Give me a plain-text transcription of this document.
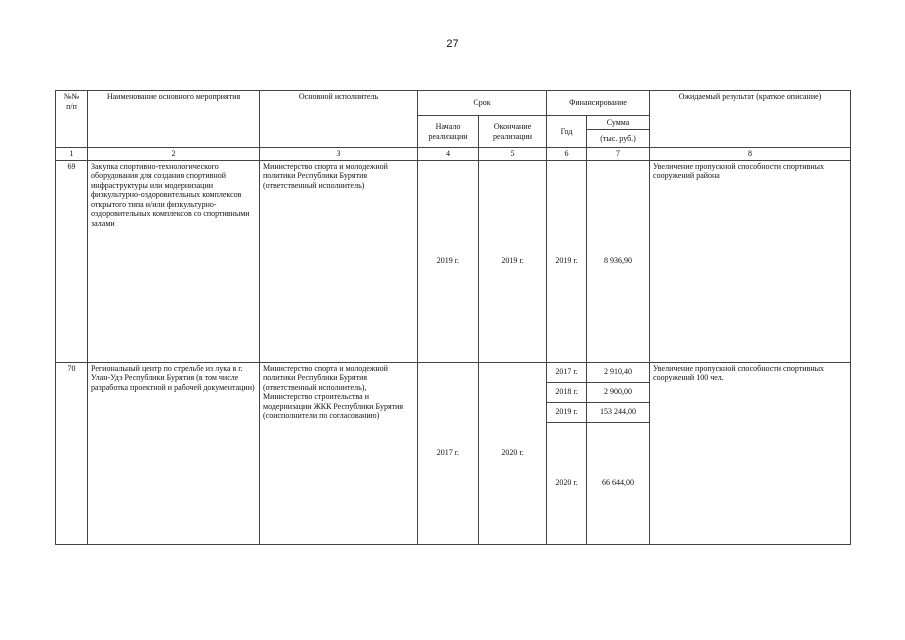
27
№№
п/п	Наименование основного мероприятия	Основной исполнитель	Срок		Финансирование		Ожидаемый результат (краткое описание)
			Начало реализации	Окончание реализации	Год	Сумма
(тыс. руб.)	

1	2	3	4	5	6	7	8
69	Закупка спортивно-технологического оборудования для создания спортивной инфраструктуры или модернизации физкультурно-оздоровительных комплексов открытого типа и/или физкультурно-оздоровительных комплексов со спортивными залами	Министерство спорта и молодежной политики Республики Бурятия (ответственный исполнитель)	2019 г.	2019 г.	2019 г.	8 936,90	Увеличение пропускной способности спортивных сооружений района
70	Региональный центр по стрельбе из лука в г. Улан-Удэ Республики Бурятия (в том числе разработка проектной и рабочей документации)	Министерство спорта и молодежной политики Республики Бурятия (ответственный исполнитель), Министерство строительства и модернизации ЖКК Республики Бурятия (соисполнители по согласованию)	2017 г.	2020 г.	2017 г.	2 910,40	Увеличение пропускной способности спортивных сооружений 100 чел.
					2018 г.	2 900,00	
					2019 г.	153 244,00	
					2020 г.	66 644,00	
